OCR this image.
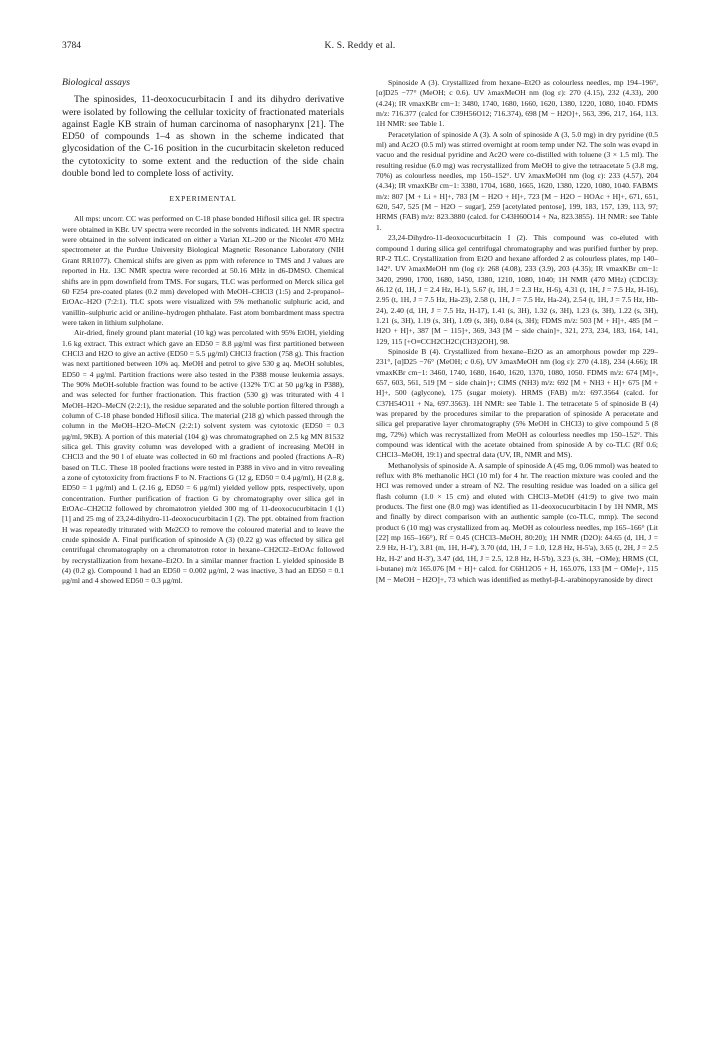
3784	K. S. Reddy et al.
Biological assays

The spinosides, 11-deoxocucurbitacin I and its dihydro derivative were isolated by following the cellular toxicity of fractionated materials against Eagle KB strain of human carcinoma of nasopharynx [21]. The ED50 of compounds 1–4 as shown in the scheme indicated that glycosidation of the C-16 position in the cucurbitacin skeleton reduced the cytotoxicity to some extent and the reduction of the side chain double bond led to complete loss of activity.

EXPERIMENTAL

All mps: uncorr. CC was performed on C-18 phase bonded Hiflosil silica gel. IR spectra were obtained in KBr. UV spectra were recorded in the solvents indicated. 1H NMR spectra were obtained in the solvent indicated on either a Varian XL-200 or the Nicolet 470 MHz spectrometer at the Purdue University Biological Magnetic Resonance Laboratory (NIH Grant RR1077). Chemical shifts are given as ppm with reference to TMS and J values are reported in Hz. 13C NMR spectra were recorded at 50.16 MHz in d6-DMSO. Chemical shifts are in ppm downfield from TMS. For sugars, TLC was performed on Merck silica gel 60 F254 pre-coated plates (0.2 mm) developed with MeOH–CHCl3 (1:5) and 2-propanol–EtOAc–H2O (7:2:1). TLC spots were visualized with 5% methanolic sulphuric acid, and vanillin–sulphuric acid or aniline–hydrogen phthalate. Fast atom bombardment mass spectra were taken in lithium sulpholane.

Air-dried, finely ground plant material (10 kg) was percolated with 95% EtOH, yielding 1.6 kg extract. This extract which gave an ED50 = 8.8 μg/ml was first partitioned between CHCl3 and H2O to give an active (ED50 = 5.5 μg/ml) CHCl3 fraction (758 g). This fraction was next partitioned between 10% aq. MeOH and petrol to give 530 g aq. MeOH solubles, ED50 = 4 μg/ml. Partition fractions were also tested in the P388 mouse leukemia assays. The 90% MeOH-soluble fraction was found to be active (132% T/C at 50 μg/kg in P388), and was selected for further fractionation. This fraction (530 g) was triturated with 4 l MeOH–H2O–MeCN (2:2:1), the residue separated and the soluble portion filtered through a column of C-18 phase bonded Hiflosil silica. The material (218 g) which passed through the column in the MeOH–H2O–MeCN (2:2:1) solvent system was cytotoxic (ED50 = 0.3 μg/ml, 9KB). A portion of this material (104 g) was chromatographed on 2.5 kg MN 81532 silica gel. This gravity column was developed with a gradient of increasing MeOH in CHCl3 and the 90 l of eluate was collected in 60 ml fractions and pooled (fractions A–R) based on TLC. These 18 pooled fractions were tested in P388 in vivo and in vitro revealing a zone of cytotoxicity from fractions F to N. Fractions G (12 g, ED50 = 0.4 μg/ml), H (2.8 g, ED50 = 1 μg/ml) and L (2.16 g, ED50 = 6 μg/ml) yielded yellow ppts, respectively, upon concentration. Further purification of fraction G by chromatography over silica gel in EtOAc–CH2Cl2 followed by chromatotron yielded 300 mg of 11-deoxocucurbitacin I (1) [1] and 25 mg of 23,24-dihydro-11-deoxocucurbitacin I (2). The ppt. obtained from fraction H was repeatedly triturated with Me2CO to remove the coloured material and to leave the crude spinoside A. Final purification of spinoside A (3) (0.22 g) was effected by silica gel centrifugal chromatography on a chromatotron rotor in hexane–CH2Cl2–EtOAc followed by recrystallization from hexane–Et2O. In a similar manner fraction L yielded spinoside B (4) (0.2 g). Compound 1 had an ED50 = 0.002 μg/ml, 2 was inactive, 3 had an ED50 = 0.1 μg/ml and 4 showed ED50 = 0.3 μg/ml.

Spinoside A (3). Crystallized from hexane–Et2O as colourless needles, mp 194–196°, [α]D25 −77° (MeOH; c 0.6). UV λmaxMeOH nm (log ε): 270 (4.15), 232 (4.33), 200 (4.24); IR νmaxKBr cm−1: 3480, 1740, 1680, 1660, 1620, 1380, 1220, 1080, 1040. FDMS m/z: 716.377 (calcd for C39H56O12; 716.374), 698 [M − H2O]+, 563, 396, 217, 164, 113. 1H NMR: see Table 1.

Peracetylation of spinoside A (3). A soln of spinoside A (3, 5.0 mg) in dry pyridine (0.5 ml) and Ac2O (0.5 ml) was stirred overnight at room temp under N2. The soln was evapd in vacuo and the residual pyridine and Ac2O were co-distilled with toluene (3 × 1.5 ml). The resulting residue (6.0 mg) was recrystallized from MeOH to give the tetraacetate 5 (3.8 mg, 70%) as colourless needles, mp 150–152°. UV λmaxMeOH nm (log ε): 233 (4.57), 204 (4.34); IR νmaxKBr cm−1: 3380, 1704, 1680, 1665, 1620, 1380, 1220, 1080, 1040. FABMS m/z: 807 [M + Li + H]+, 783 [M − H2O + H]+, 723 [M − H2O − HOAc + H]+, 671, 651, 620, 547, 525 [M − H2O − sugar], 259 [acetylated pentose], 199, 183, 157, 139, 113, 97; HRMS (FAB) m/z: 823.3880 (calcd. for C43H60O14 + Na, 823.3855). 1H NMR: see Table 1.

23,24-Dihydro-11-deoxocucurbitacin I (2). This compound was co-eluted with compound 1 during silica gel centrifugal chromatography and was purified further by prep. RP-2 TLC. Crystallization from Et2O and hexane afforded 2 as colourless plates, mp 140–142°. UV λmaxMeOH nm (log ε): 268 (4.08), 233 (3.9), 203 (4.35); IR νmaxKBr cm−1: 3420, 2990, 1700, 1680, 1450, 1380, 1210, 1080, 1040; 1H NMR (470 MHz) (CDCl3): δ6.12 (d, 1H, J = 2.4 Hz, H-1), 5.67 (t, 1H, J = 2.3 Hz, H-6), 4.31 (t, 1H, J = 7.5 Hz, H-16), 2.95 (t, 1H, J = 7.5 Hz, Ha-23), 2.58 (t, 1H, J = 7.5 Hz, Ha-24), 2.54 (t, 1H, J = 7.5 Hz, Hb-24), 2.40 (d, 1H, J = 7.5 Hz, H-17), 1.41 (s, 3H), 1.32 (s, 3H), 1.23 (s, 3H), 1.22 (s, 3H), 1.21 (s, 3H), 1.19 (s, 3H), 1.09 (s, 3H), 0.84 (s, 3H); FDMS m/z: 503 [M + H]+, 485 [M − H2O + H]+, 387 [M − 115]+, 369, 343 [M − side chain]+, 321, 273, 234, 183, 164, 141, 129, 115 [+O≡CCH2CH2C(CH3)2OH], 98.

Spinoside B (4). Crystallized from hexane–Et2O as an amorphous powder mp 229–231°, [α]D25 −76° (MeOH; c 0.6), UV λmaxMeOH nm (log ε): 270 (4.18), 234 (4.66); IR νmaxKBr cm−1: 3460, 1740, 1680, 1640, 1620, 1370, 1080, 1050. FDMS m/z: 674 [M]+, 657, 603, 561, 519 [M − side chain]+; CIMS (NH3) m/z: 692 [M + NH3 + H]+ 675 [M + H]+, 500 (aglycone), 175 (sugar moiety). HRMS (FAB) m/z: 697.3564 (calcd. for C37H54O11 + Na, 697.3563). 1H NMR: see Table 1. The tetracetate 5 of spinoside B (4) was prepared by the procedures similar to the preparation of spinoside A peracetate and silica gel preparative layer chromatography (5% MeOH in CHCl3) to give compound 5 (8 mg, 72%) which was recrystallized from MeOH as colourless needles mp 150–152°. This compound was identical with the acetate obtained from spinoside A by co-TLC (Rf 0.6; CHCl3–MeOH, 19:1) and spectral data (UV, IR, NMR and MS).

Methanolysis of spinoside A. A sample of spinoside A (45 mg, 0.06 mmol) was heated to reflux with 8% methanolic HCl (10 ml) for 4 hr. The reaction mixture was cooled and the HCl was removed under a stream of N2. The resulting residue was loaded on a silica gel flash column (1.0 × 15 cm) and eluted with CHCl3–MeOH (41:9) to give two main products. The first one (8.0 mg) was identified as 11-deoxocucurbitacin I by 1H NMR, MS and finally by direct comparison with an authentic sample (co-TLC, mmp). The second product 6 (10 mg) was crystallized from aq. MeOH as colourless needles, mp 165–166° (Lit [22] mp 165–166°), Rf = 0.45 (CHCl3–MeOH, 80:20); 1H NMR (D2O): δ4.65 (d, 1H, J = 2.9 Hz, H-1'), 3.81 (m, 1H, H-4'), 3.70 (dd, 1H, J = 1.0, 12.8 Hz, H-5'a), 3.65 (t, 2H, J = 2.5 Hz, H-2' and H-3'), 3.47 (dd, 1H, J = 2.5, 12.8 Hz, H-5'b), 3.23 (s, 3H, −OMe); HRMS (CI, i-butane) m/z 165.076 [M + H]+ calcd. for C6H12O5 + H, 165.076, 133 [M − OMe]+, 115 [M − MeOH − H2O]+, 73 which was identified as methyl-β-L-arabinopyranoside by direct
